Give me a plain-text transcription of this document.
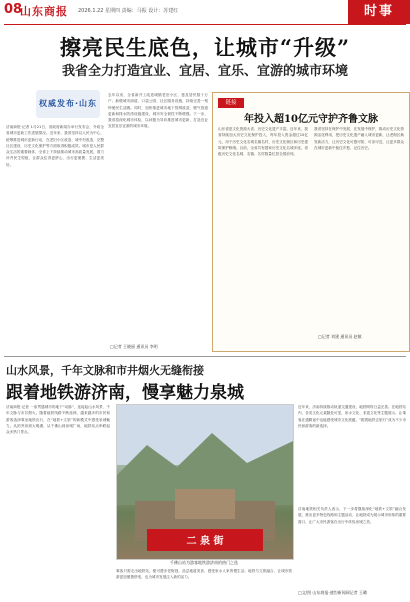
08
山东商报 2026.1.22 星期四 责编：马振 设计：苏建红	时事
擦亮民生底色，让城市“升级”
我省全力打造宜业、宜居、宜乐、宜游的城市环境
权威发布·山东
济南商报·记者 1月21日，省政府新闻办举行发布会，介绍全省城市更新工作进展情况。近年来，我省坚持以人民为中心，统筹推进城市更新行动，在老旧小区改造、城中村改造、完整社区建设、历史文化保护等方面取得积极成效。城市是人民群众生活的重要载体，全省上下持续推动城市高质量发展，着力补齐民生短板，让群众住得更舒心、出行更便捷、生活更美好。
去年以来，全省新开工改造城镇老旧小区，惠及居民数十万户；新增城市绿道、口袋公园、社区服务设施，持续完善一刻钟便民生活圈。同时，加快推进城市地下管网改造、燃气管道更新和排水防涝设施建设，城市安全韧性不断增强。下一步，我省将深化城市体检，以问题为导向推进城市更新，打造宜业宜居宜乐宜游的城市环境。
□记者 王晓丽 通讯员 李明
链接
年投入超10亿元守护齐鲁文脉
山东省是文化资源大省，历史文化遗产丰富。近年来，我省持续加大历史文化保护投入，每年投入资金超过10亿元，用于历史文化名城名镇名村、历史文化街区和历史建筑保护修缮。目前，全省共有国家历史文化名城多座，省级历史文化名城、名镇、名村数量位居全国前列。
我省坚持在保护中发展、在发展中保护，推动历史文化资源活化利用，把历史文化遗产融入城市更新，让老街区焕发新活力，让历史文化可感可知、可亲可近，让更多群众在城市更新中留住乡愁、记住历史。
□记者 刘建 通讯员 赵敏
山水风景，千年文脉和市井烟火无缝衔接
跟着地铁游济南，慢享魅力泉城
济南商报·记者 一条贯通城市的地下“动脉”，连接起山水风景、千年文脉与市井烟火。随着地铁线路不断延伸，越来越多的市民和游客选择乘坐地铁出行，在“地铁+文旅”的新模式中感受泉城魅力。从趵突泉到大明湖，从千佛山到泉城广场，地铁站点串联起众多热门景点。
二 泉 街
千佛山站为游客地铁游济南的热门之选
乘客只需走出地铁站，便可漫步老街巷，品尝地道美食，感受泉水人家的慢生活。地铁与文旅融合，让城市旅游更加便捷舒适，也为城市发展注入新的活力。
近年来，济南持续推动轨道交通建设，地铁网络日益完善。在地铁站内，各类文化元素随处可见，泉水文化、非遗文化等主题展示，让乘客在通勤途中也能感受城市文化底蕴。“跟着地铁去旅行”成为不少市民和游客的新选择。
济南地铁相关负责人表示，下一步将继续深化“地铁+文旅”融合发展，推出更多特色线路和主题活动，让地铁成为展示城市形象的重要窗口，让广大市民游客在出行中体验泉城之美。
□文/图 山东商报·速豹新闻网记者 王璐
